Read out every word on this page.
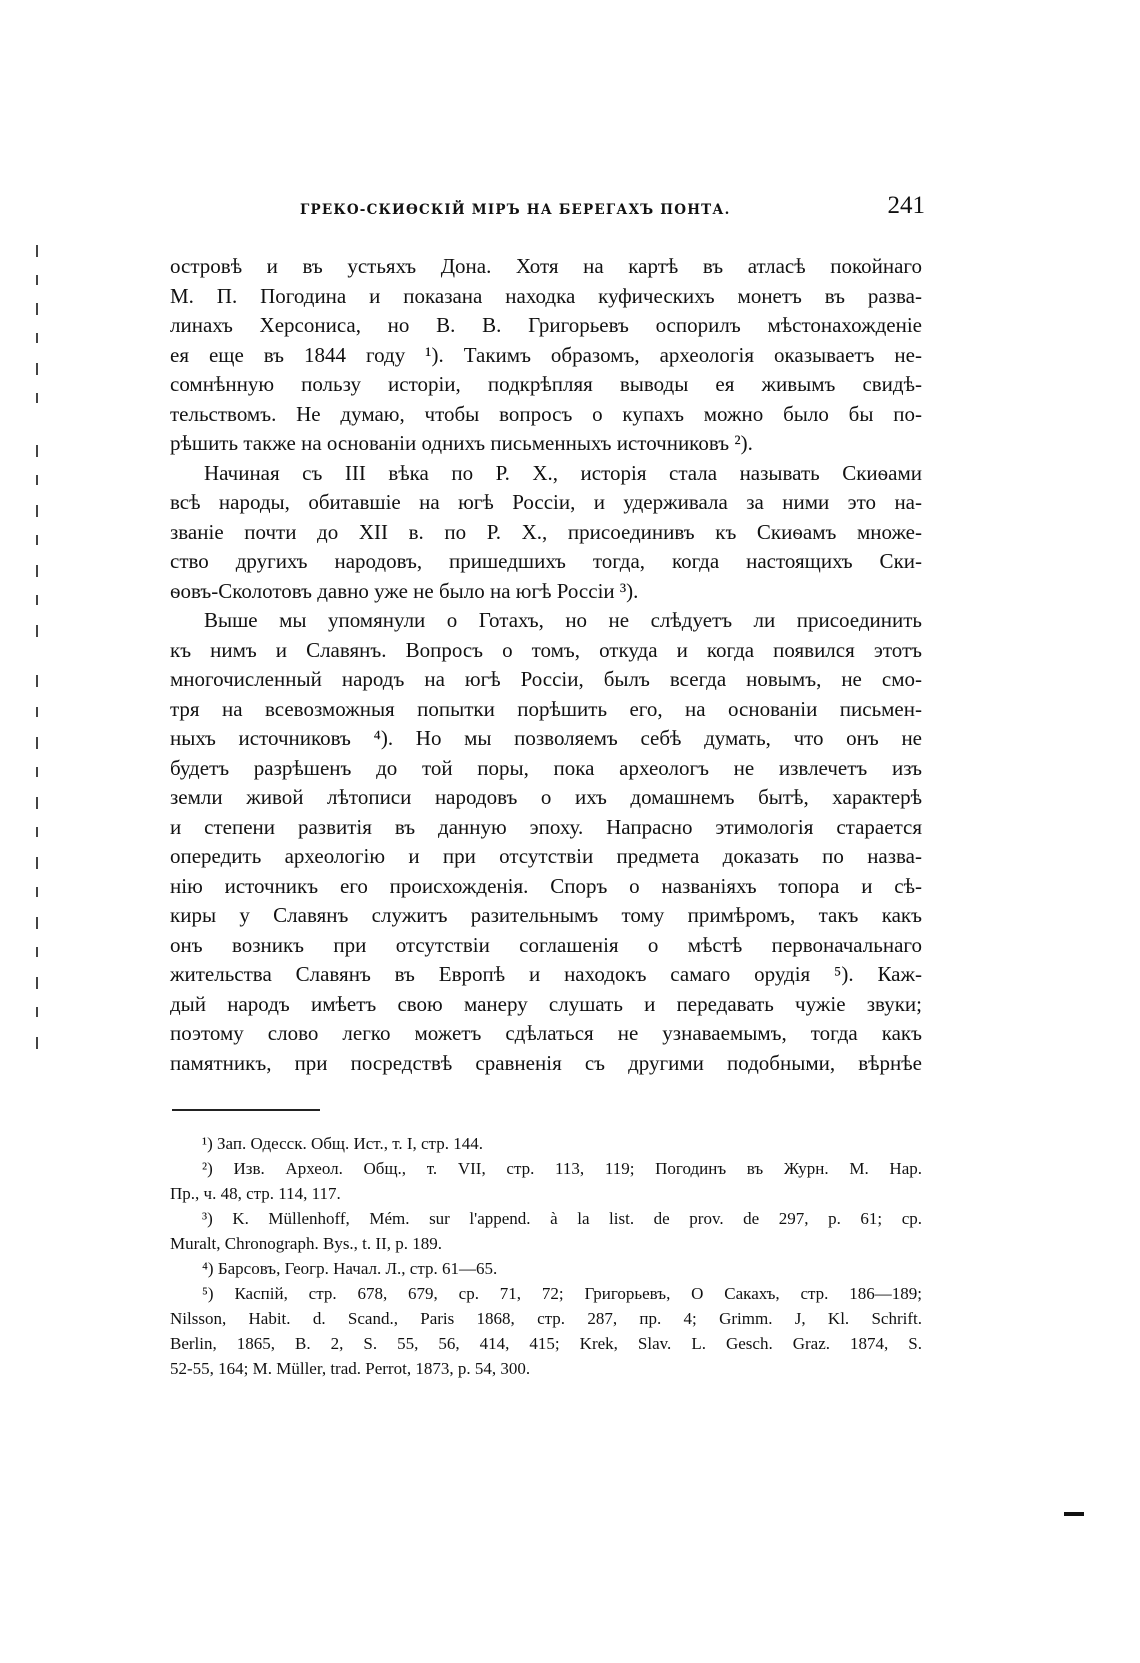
ГРЕКО-СКИѲСКІЙ МІРЪ НА БЕРЕГАХЪ ПОНТА.	241

островѣ и въ устьяхъ Дона. Хотя на картѣ въ атласѣ покойнаго
М. П. Погодина и показана находка куфическихъ монетъ въ разва-
линахъ Херсониса, но В. В. Григорьевъ оспорилъ мѣстонахожденіе
ея еще въ 1844 году ¹). Такимъ образомъ, археологія оказываетъ не-
сомнѣнную пользу исторіи, подкрѣпляя выводы ея живымъ свидѣ-
тельствомъ. Не думаю, чтобы вопросъ о купахъ можно было бы по-
рѣшить также на основаніи однихъ письменныхъ источниковъ ²).

Начиная съ III вѣка по Р. Х., исторія стала называть Скиѳами
всѣ народы, обитавшіе на югѣ Россіи, и удерживала за ними это на-
званіе почти до XII в. по Р. Х., присоединивъ къ Скиѳамъ множе-
ство другихъ народовъ, пришедшихъ тогда, когда настоящихъ Ски-
ѳовъ-Сколотовъ давно уже не было на югѣ Россіи ³).

Выше мы упомянули о Готахъ, но не слѣдуетъ ли присоединить
къ нимъ и Славянъ. Вопросъ о томъ, откуда и когда появился этотъ
многочисленный народъ на югѣ Россіи, былъ всегда новымъ, не смо-
тря на всевозможныя попытки порѣшить его, на основаніи письмен-
ныхъ источниковъ ⁴). Но мы позволяемъ себѣ думать, что онъ не
будетъ разрѣшенъ до той поры, пока археологъ не извлечетъ изъ
земли живой лѣтописи народовъ о ихъ домашнемъ бытѣ, характерѣ
и степени развитія въ данную эпоху. Напрасно этимологія старается
опередить археологію и при отсутствіи предмета доказать по назва-
нію источникъ его происхожденія. Споръ о названіяхъ топора и сѣ-
киры у Славянъ служитъ разительнымъ тому примѣромъ, такъ какъ
онъ возникъ при отсутствіи соглашенія о мѣстѣ первоначальнаго
жительства Славянъ въ Европѣ и находокъ самаго орудія ⁵). Каж-
дый народъ имѣетъ свою манеру слушать и передавать чужіе звуки;
поэтому слово легко можетъ сдѣлаться не узнаваемымъ, тогда какъ
памятникъ, при посредствѣ сравненія съ другими подобными, вѣрнѣе

¹) Зап. Одесск. Общ. Ист., т. I, стр. 144.

²) Изв. Археол. Общ., т. VII, стр. 113, 119; Погодинъ въ Журн. М. Нар.
Пр., ч. 48, стр. 114, 117.

³) K. Müllenhoff, Mém. sur l'append. à la list. de prov. de 297, p. 61; cp.
Muralt, Chronograph. Bys., t. II, p. 189.

⁴) Барсовъ, Геогр. Начал. Л., стр. 61—65.

⁵) Каспій, стр. 678, 679, ср. 71, 72; Григорьевъ, О Сакахъ, стр. 186—189;
Nilsson, Habit. d. Scand., Paris 1868, стр. 287, пр. 4; Grimm. J, Kl. Schrift.
Berlin, 1865, B. 2, S. 55, 56, 414, 415; Krek, Slav. L. Gesch. Graz. 1874, S.
52-55, 164; M. Müller, trad. Perrot, 1873, p. 54, 300.
